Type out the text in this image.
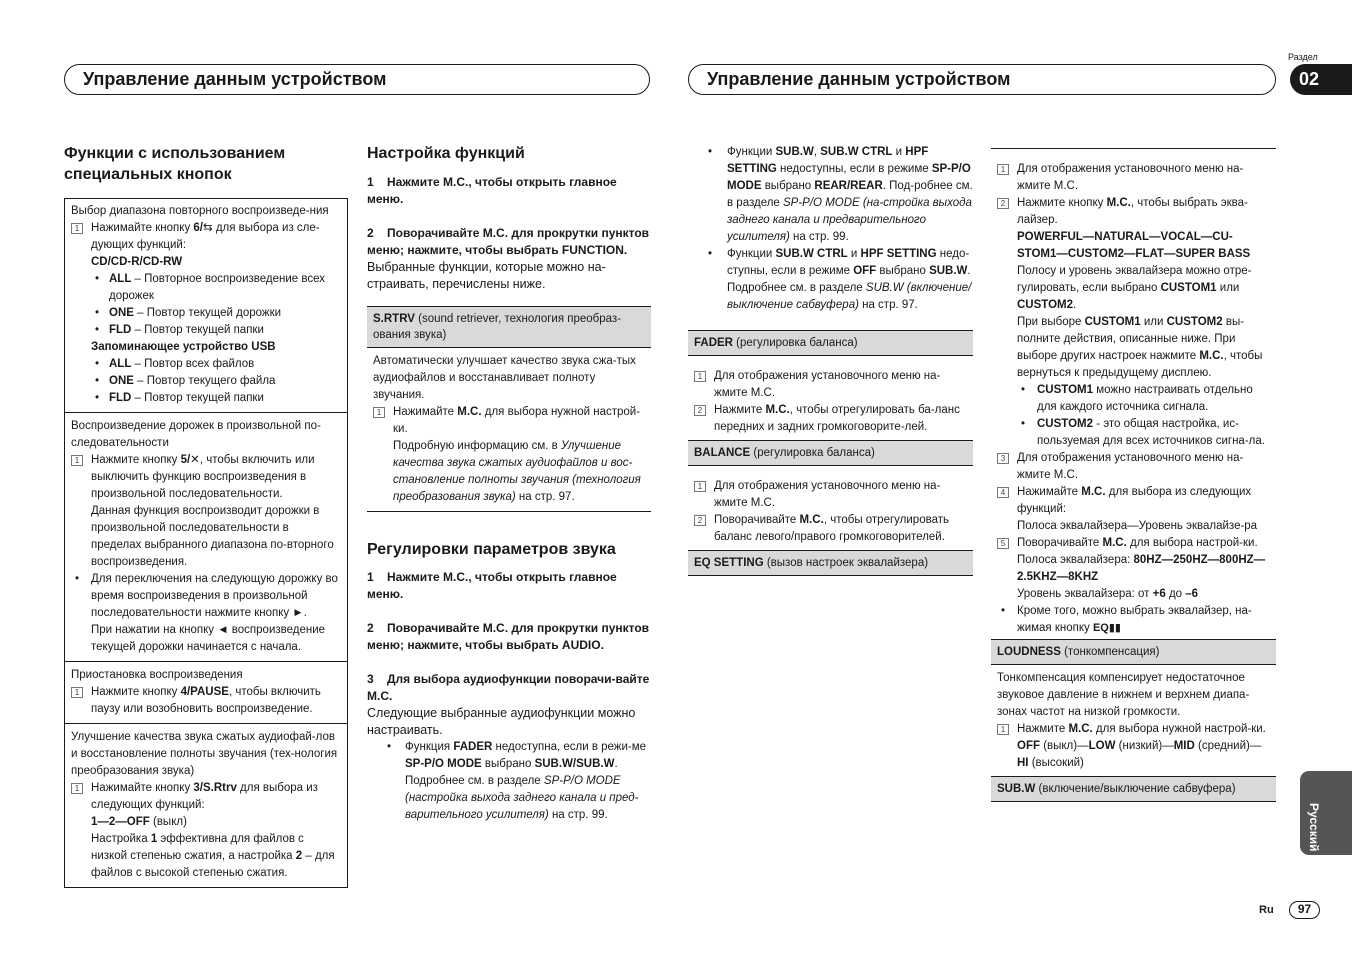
Управление данным устройством	Управление данным устройством
Раздел
02
Русский
Ru	97
Функции с использованием специальных кнопок
Выбор диапазона повторного воспроизведе-ния
1	Нажимайте кнопку 6/⇆ для выбора из сле-дующих функций:
CD/CD-R/CD-RW
• ALL – Повторное воспроизведение всех дорожек
• ONE – Повтор текущей дорожки
• FLD – Повтор текущей папки
Запоминающее устройство USB
• ALL – Повтор всех файлов
• ONE – Повтор текущего файла
• FLD – Повтор текущей папки
Воспроизведение дорожек в произвольной по-следовательности
1	Нажмите кнопку 5/✕, чтобы включить или выключить функцию воспроизведения в произвольной последовательности.
Данная функция воспроизводит дорожки в произвольной последовательности в пределах выбранного диапазона по-вторного воспроизведения.
• Для переключения на следующую дорожку во время воспроизведения в произвольной последовательности нажмите кнопку ►.
При нажатии на кнопку ◄ воспроизведение текущей дорожки начинается с начала.
Приостановка воспроизведения
1	Нажмите кнопку 4/PAUSE, чтобы включить паузу или возобновить воспроизведение.
Улучшение качества звука сжатых аудиофай-лов и восстановление полноты звучания (тех-нология преобразования звука)
1	Нажимайте кнопку 3/S.Rtrv для выбора из следующих функций:
1—2—OFF (выкл)
Настройка 1 эффективна для файлов с низкой степенью сжатия, а настройка 2 – для файлов с высокой степенью сжатия.
Настройка функций
1 Нажмите M.C., чтобы открыть главное меню.
2 Поворачивайте M.C. для прокрутки пунктов меню; нажмите, чтобы выбрать FUNCTION.
Выбранные функции, которые можно на-страивать, перечислены ниже.
S.RTRV (sound retriever, технология преобраз-ования звука)
Автоматически улучшает качество звука сжа-тых аудиофайлов и восстанавливает полноту звучания.
1	Нажимайте M.C. для выбора нужной настрой-ки.
Подробную информацию см. в Улучшение качества звука сжатых аудиофайлов и вос-становление полноты звучания (технология преобразования звука) на стр. 97.
Регулировки параметров звука
1 Нажмите M.C., чтобы открыть главное меню.
2 Поворачивайте M.C. для прокрутки пунктов меню; нажмите, чтобы выбрать AUDIO.
3 Для выбора аудиофункции поворачи-вайте M.C.
Следующие выбранные аудиофункции можно настраивать.
• Функция FADER недоступна, если в режи-ме SP-P/O MODE выбрано SUB.W/SUB.W. Подробнее см. в разделе SP-P/O MODE (настройка выхода заднего канала и пред-варительного усилителя) на стр. 99.
• Функции SUB.W, SUB.W CTRL и HPF SETTING недоступны, если в режиме SP-P/O MODE выбрано REAR/REAR. Под-робнее см. в разделе SP-P/O MODE (на-стройка выхода заднего канала и предварительного усилителя) на стр. 99.
• Функции SUB.W CTRL и HPF SETTING недо-ступны, если в режиме OFF выбрано SUB.W. Подробнее см. в разделе SUB.W (включение/выключение сабвуфера) на стр. 97.
FADER (регулировка баланса)
1	Для отображения установочного меню на-жмите M.C.
2	Нажмите M.C., чтобы отрегулировать ба-ланс передних и задних громкоговорите-лей.
BALANCE (регулировка баланса)
1	Для отображения установочного меню на-жмите M.C.
2	Поворачивайте M.C., чтобы отрегулировать баланс левого/правого громкоговорителей.
EQ SETTING (вызов настроек эквалайзера)
1	Для отображения установочного меню на-жмите M.C.
2	Нажмите кнопку M.C., чтобы выбрать эква-лайзер.
POWERFUL—NATURAL—VOCAL—CU-STOM1—CUSTOM2—FLAT—SUPER BASS
Полосу и уровень эквалайзера можно отре-гулировать, если выбрано CUSTOM1 или CUSTOM2.
При выборе CUSTOM1 или CUSTOM2 вы-полните действия, описанные ниже. При выборе других настроек нажмите M.C., чтобы вернуться к предыдущему дисплею.
• CUSTOM1 можно настраивать отдельно для каждого источника сигнала.
• CUSTOM2 - это общая настройка, ис-пользуемая для всех источников сигна-ла.
3	Для отображения установочного меню на-жмите M.C.
4	Нажимайте M.C. для выбора из следующих функций:
Полоса эквалайзера—Уровень эквалайзе-ра
5	Поворачивайте M.C. для выбора настрой-ки.
Полоса эквалайзера: 80HZ—250HZ—800HZ—2.5KHZ—8KHZ
Уровень эквалайзера: от +6 до –6
• Кроме того, можно выбрать эквалайзер, на-жимая кнопку EQ▮▮
LOUDNESS (тонкомпенсация)
Тонкомпенсация компенсирует недостаточное звуковое давление в нижнем и верхнем диапа-зонах частот на низкой громкости.
1	Нажмите M.C. для выбора нужной настрой-ки.
OFF (выкл)—LOW (низкий)—MID (средний)—HI (высокий)
SUB.W (включение/выключение сабвуфера)
